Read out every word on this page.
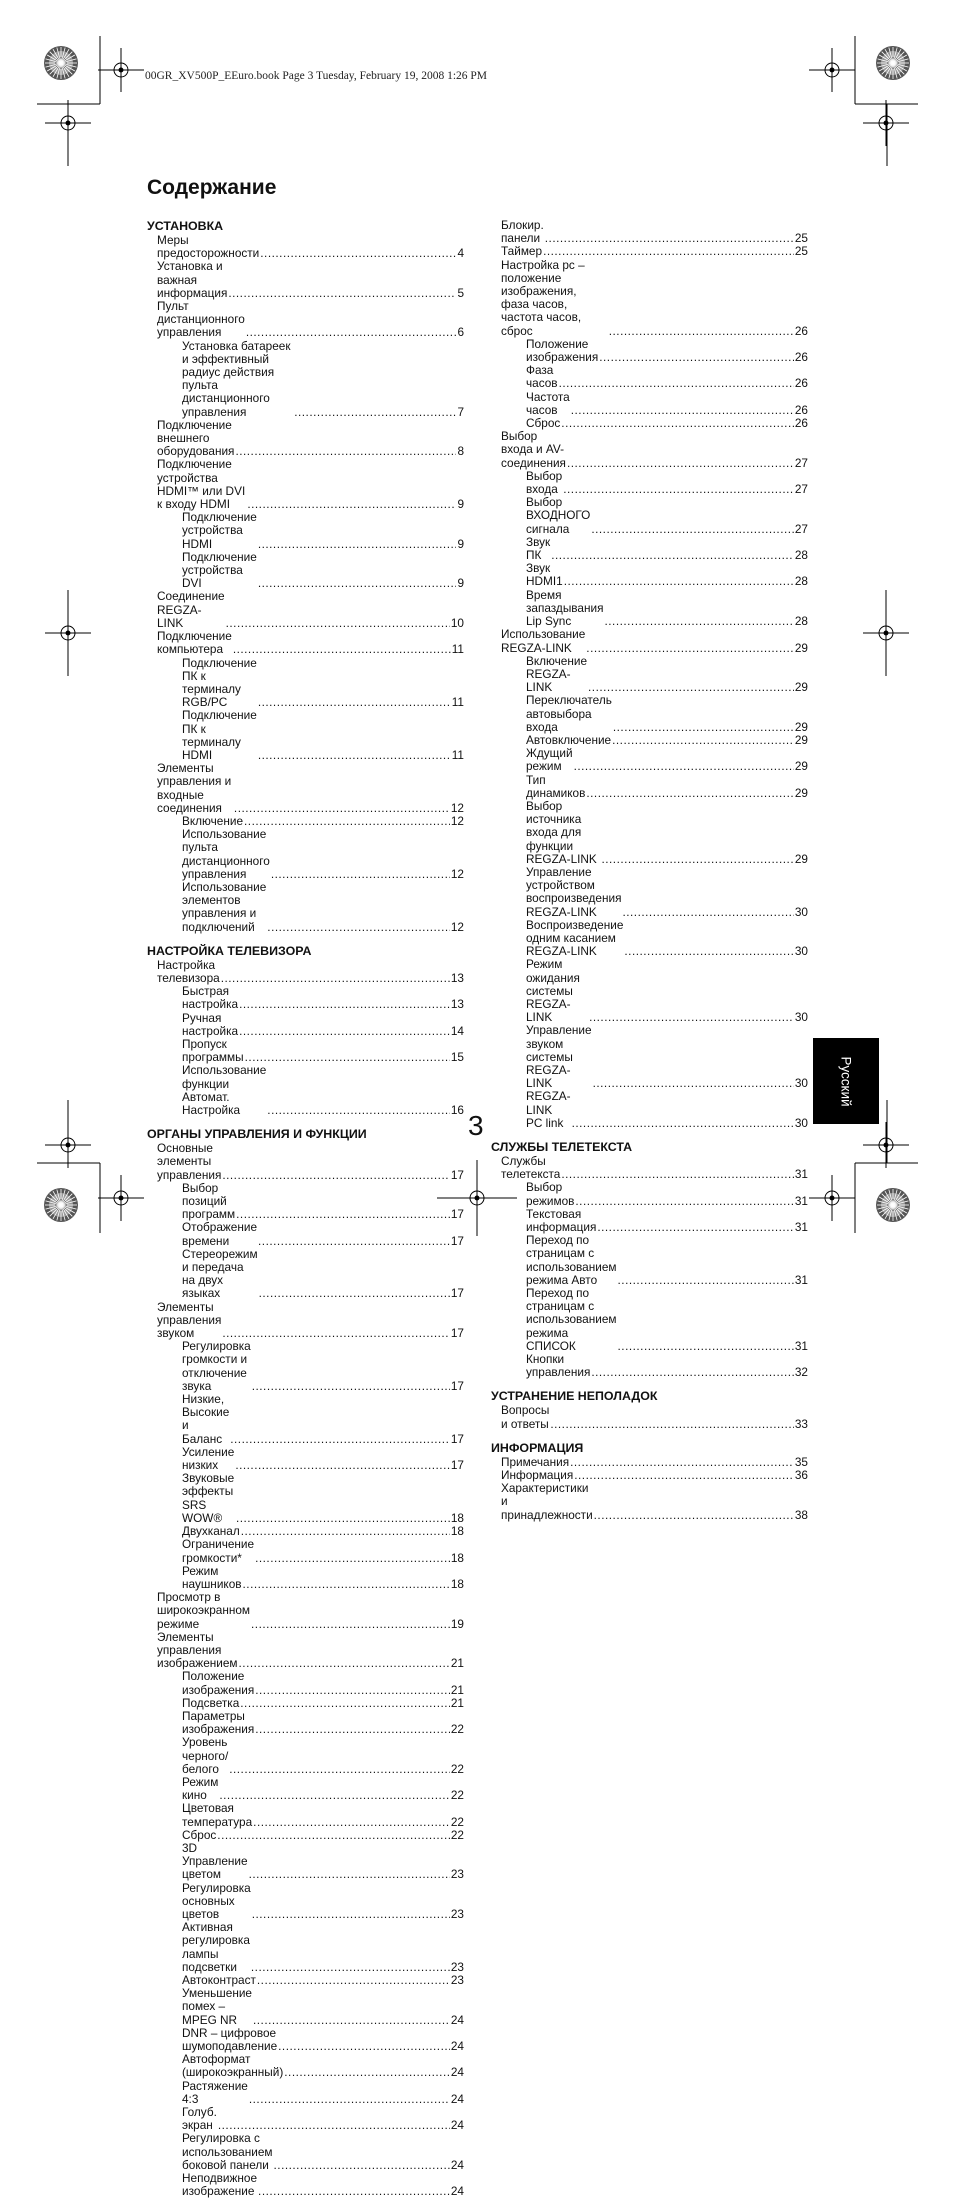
00GR_XV500P_EEuro.book Page 3 Tuesday, February 19, 2008 1:26 PM
Содержание
УСТАНОВКА
Меры предосторожности .....	4
Установка и важная информация .....	5
Пульт дистанционного управления .....	6
Установка батареек и эффективный радиус действия пульта дистанционного управления .....	7
Подключение внешнего оборудования .....	8
Подключение устройства HDMI™ или DVI к входу HDMI .....	9
Подключение устройства HDMI .....	9
Подключение устройства DVI .....	9
Соединение REGZA-LINK .....	10
Подключение компьютера .....	11
Подключение ПК к терминалу RGB/PC .....	11
Подключение ПК к терминалу HDMI .....	11
Элементы управления и входные соединения .....	12
Включение .....	12
Использование пульта дистанционного управления .....	12
Использование элементов управления и подключений .....	12
НАСТРОЙКА ТЕЛЕВИЗОРА
Настройка телевизора .....	13
Быстрая настройка .....	13
Ручная настройка .....	14
Пропуск программы .....	15
Использование функции Автомат. Настройка .....	16
ОРГАНЫ УПРАВЛЕНИЯ И ФУНКЦИИ
Основные элементы управления .....	17
Выбор позиций программ .....	17
Отображение времени .....	17
Стереорежим и передача на двух языках .....	17
Элементы управления звуком .....	17
Регулировка громкости и отключение звука .....	17
Низкие, Высокие и Баланс .....	17
Усиление низких .....	17
Звуковые эффекты SRS WOW® .....	18
Двухканал .....	18
Ограничение громкости* .....	18
Режим наушников .....	18
Просмотр в широкоэкранном режиме .....	19
Элементы управления изображением .....	21
Положение изображения .....	21
Подсветка .....	21
Параметры изображения .....	22
Уровень черного/белого .....	22
Режим кино .....	22
Цветовая температура .....	22
Сброс .....	22
3D Управление цветом .....	23
Регулировка основных цветов .....	23
Активная регулировка лампы подсветки .....	23
Автоконтраст .....	23
Уменьшение помех – MPEG NR .....	24
DNR – цифровое шумоподавление .....	24
Автоформат (широкоэкранный) .....	24
Растяжение 4:3 .....	24
Голуб. экран .....	24
Регулировка с использованием боковой панели .....	24
Неподвижное изображение .....	24
Блокир. панели .....	25
Таймер .....	25
Настройка pc – положение изображения, фаза часов, частота часов, сброс .....	26
Положение изображения .....	26
Фаза часов .....	26
Частота часов .....	26
Сброс .....	26
Выбор входа и AV-соединения .....	27
Выбор входа .....	27
Выбор ВХОДНОГО сигнала .....	27
Звук ПК .....	28
Звук HDMI1 .....	28
Время запаздывания Lip Sync .....	28
Использование REGZA-LINK .....	29
Включение REGZA-LINK .....	29
Переключатель автовыбора входа .....	29
Автовключение .....	29
Ждущий режим .....	29
Тип динамиков .....	29
Выбор источника входа для функции REGZA-LINK .....	29
Управление устройством воспроизведения REGZA-LINK .....	30
Воспроизведение одним касанием REGZA-LINK .....	30
Режим ожидания системы REGZA-LINK .....	30
Управление звуком системы REGZA-LINK .....	30
REGZA-LINK PC link .....	30
СЛУЖБЫ ТЕЛЕТЕКСТА
Службы телетекста .....	31
Выбор режимов .....	31
Текстовая информация .....	31
Переход по страницам с использованием режима Авто .....	31
Переход по страницам с использованием режима СПИСОК .....	31
Кнопки управления .....	32
УСТРАНЕНИЕ НЕПОЛАДОК
Вопросы и ответы .....	33
ИНФОРМАЦИЯ
Примечания .....	35
Информация .....	36
Характеристики и принадлежности .....	38
3
Русский
